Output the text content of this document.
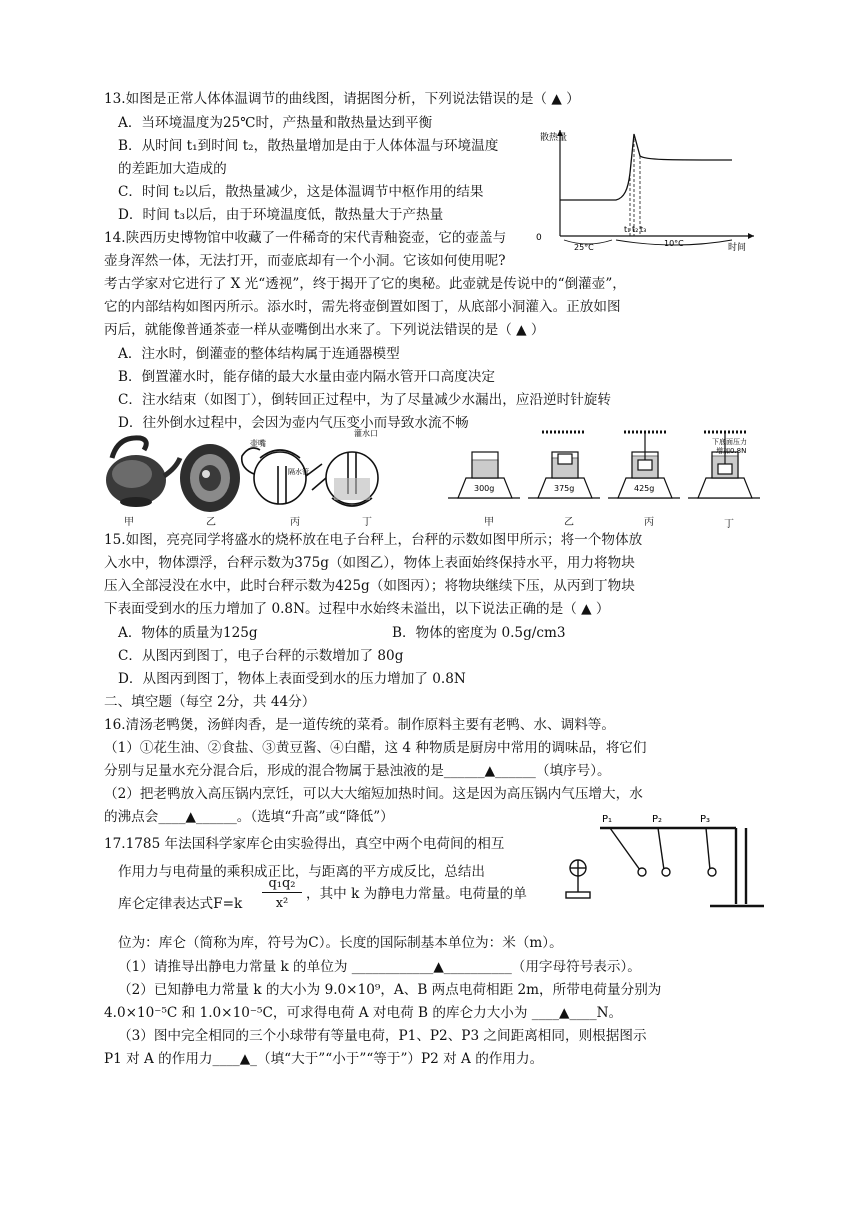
13.如图是正常人体体温调节的曲线图，请据图分析，下列说法错误的是（ ▲ ）
A．当环境温度为25℃时，产热量和散热量达到平衡
B．从时间 t₁到时间 t₂，散热量增加是由于人体体温与环境温度
的差距加大造成的
C．时间 t₂以后，散热量减少，这是体温调节中枢作用的结果
D．时间 t₃以后，由于环境温度低，散热量大于产热量
散热量
0
t₁ t₂ t₃
25°C	10°C	时间
14.陕西历史博物馆中收藏了一件稀奇的宋代青釉瓷壶，它的壶盖与
壶身浑然一体，无法打开，而壶底却有一个小洞。它该如何使用呢?
考古学家对它进行了 X 光“透视”，终于揭开了它的奥秘。此壶就是传说中的“倒灌壶”，
它的内部结构如图丙所示。添水时，需先将壶倒置如图丁，从底部小洞灌入。正放如图
丙后，就能像普通茶壶一样从壶嘴倒出水来了。下列说法错误的是（ ▲ ）
A．注水时，倒灌壶的整体结构属于连通器模型
B．倒置灌水时，能存储的最大水量由壶内隔水管开口高度决定
C．注水结束（如图丁），倒转回正过程中，为了尽量减少水漏出，应沿逆时针旋转
D．往外倒水过程中，会因为壶内气压变小而导致水流不畅
壶嘴
隔水管
灌水口
甲	乙	丙	丁
300g	375g	425g
下底面压力
增加0.8N
甲	乙	丙	丁
15.如图，亮亮同学将盛水的烧杯放在电子台秤上，台秤的示数如图甲所示；将一个物体放
入水中，物体漂浮，台秤示数为375g（如图乙），物体上表面始终保持水平，用力将物块
压入全部浸没在水中，此时台秤示数为425g（如图丙）；将物块继续下压，从丙到丁物块
下表面受到水的压力增加了 0.8N。过程中水始终未溢出，以下说法正确的是（ ▲ ）
A．物体的质量为125g	B．物体的密度为 0.5g/cm3
C．从图丙到图丁，电子台秤的示数增加了 80g
D．从图丙到图丁，物体上表面受到水的压力增加了 0.8N
二、填空题（每空 2分，共 44分）
16.清汤老鸭煲，汤鲜肉香，是一道传统的菜肴。制作原料主要有老鸭、水、调料等。
（1）①花生油、②食盐、③黄豆酱、④白醋，这 4 种物质是厨房中常用的调味品，将它们
分别与足量水充分混合后，形成的混合物属于悬浊液的是______▲______（填序号）。
（2）把老鸭放入高压锅内烹饪，可以大大缩短加热时间。这是因为高压锅内气压增大，水
的沸点会____▲______。（选填“升高”或“降低”）
17.1785 年法国科学家库仑由实验得出，真空中两个电荷间的相互
作用力与电荷量的乘积成正比，与距离的平方成反比，总结出
库仑定律表达式F=k
q₁q₂
x²
，其中 k 为静电力常量。电荷量的单
位为：库仑（简称为库，符号为C）。长度的国际制基本单位为：米（m）。
（1）请推导出静电力常量 k 的单位为 ____________▲__________（用字母符号表示）。
（2）已知静电力常量 k 的大小为 9.0×10⁹，A、B 两点电荷相距 2m，所带电荷量分别为
4.0×10⁻⁵C 和 1.0×10⁻⁵C，可求得电荷 A 对电荷 B 的库仑力大小为 ____▲____N。
（3）图中完全相同的三个小球带有等量电荷，P1、P2、P3 之间距离相同，则根据图示
P1 对 A 的作用力____▲_（填“大于”“小于”“等于”）P2 对 A 的作用力。
P₁	P₂	P₃
